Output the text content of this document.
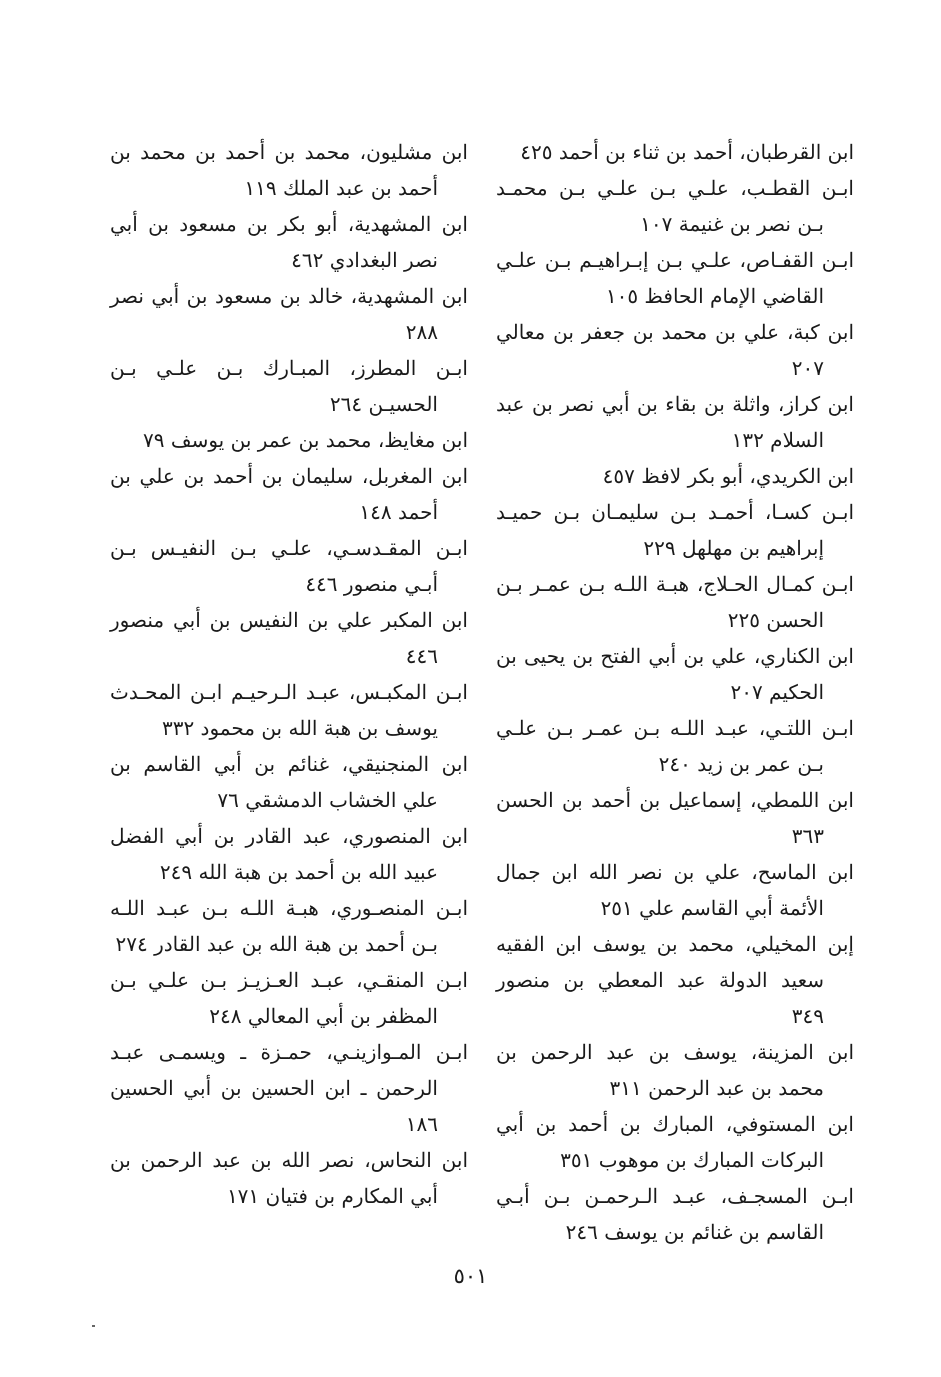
ابن القرطبان، أحمد بن ثناء بن أحمد ٤٢٥

ابـن القطـب، علـي بـن علـي بـن محمـد بـن نصر بن غنيمة ١٠٧

ابـن القفـاص، علـي بـن إبـراهيـم بـن علـي القاضي الإمام الحافظ ١٠٥

ابن كبة، علي بن محمد بن جعفر بن معالي ٢٠٧

ابن كراز، واثلة بن بقاء بن أبي نصر بن عبد السلام ١٣٢

ابن الكريدي، أبو بكر لافظ ٤٥٧

ابـن كسـا، أحمـد بـن سليمـان بـن حميـد إبراهيم بن مهلهل ٢٢٩

ابـن كمـال الحـلاج، هبـة اللـه بـن عمـر بـن الحسن ٢٢٥

ابن الكناري، علي بن أبي الفتح بن يحيى بن الحكيم ٢٠٧

ابـن اللتـي، عبـد اللـه بـن عمـر بـن علـي بـن عمر بن زيد ٢٤٠

ابن اللمطي، إسماعيل بن أحمد بن الحسن ٣٦٣

ابن الماسح، علي بن نصر الله ابن جمال الأئمة أبي القاسم علي ٢٥١

إبن المخيلي، محمد بن يوسف ابن الفقيه سعيد الدولة عبد المعطي بن منصور ٣٤٩

ابن المزينة، يوسف بن عبد الرحمن بن محمد بن عبد الرحمن ٣١١

ابن المستوفي، المبارك بن أحمد بن أبي البركات المبارك بن موهوب ٣٥١

ابـن المسجـف، عبـد الـرحمـن بـن أبـي القاسم بن غنائم بن يوسف ٢٤٦

ابن مشليون، محمد بن أحمد بن محمد بن أحمد بن عبد الملك ١١٩

ابن المشهدية، أبو بكر بن مسعود بن أبي نصر البغدادي ٤٦٢

ابن المشهدية، خالد بن مسعود بن أبي نصر ٢٨٨

ابـن المطرز، المبـارك بـن علـي بـن الحسيـن ٢٦٤

ابن مغايظ، محمد بن عمر بن يوسف ٧٩

ابن المغربل، سليمان بن أحمد بن علي بن أحمد ١٤٨

ابـن المقـدسـي، علـي بـن النفيـس بـن أبـي منصور ٤٤٦

ابن المكبر علي بن النفيس بن أبي منصور ٤٤٦

ابـن المكبـس، عبـد الـرحيـم ابـن المحـدث يوسف بن هبة الله بن محمود ٣٣٢

ابن المنجنيقي، غنائم بن أبي القاسم بن علي الخشاب الدمشقي ٧٦

ابن المنصوري، عبد القادر بن أبي الفضل عبيد الله بن أحمد بن هبة الله ٢٤٩

ابـن المنصـوري، هبـة اللـه بـن عبـد اللـه بـن أحمد بن هبة الله بن عبد القادر ٢٧٤

ابـن المنقـي، عبـد العـزيـز بـن علـي بـن المظفر بن أبي المعالي ٢٤٨

ابـن المـوازينـي، حمـزة ـ ويسمـى عبـد الرحمن ـ ابن الحسين بن أبي الحسين ١٨٦

ابن النحاس، نصر الله بن عبد الرحمن بن أبي المكارم بن فتيان ١٧١

٥٠١
